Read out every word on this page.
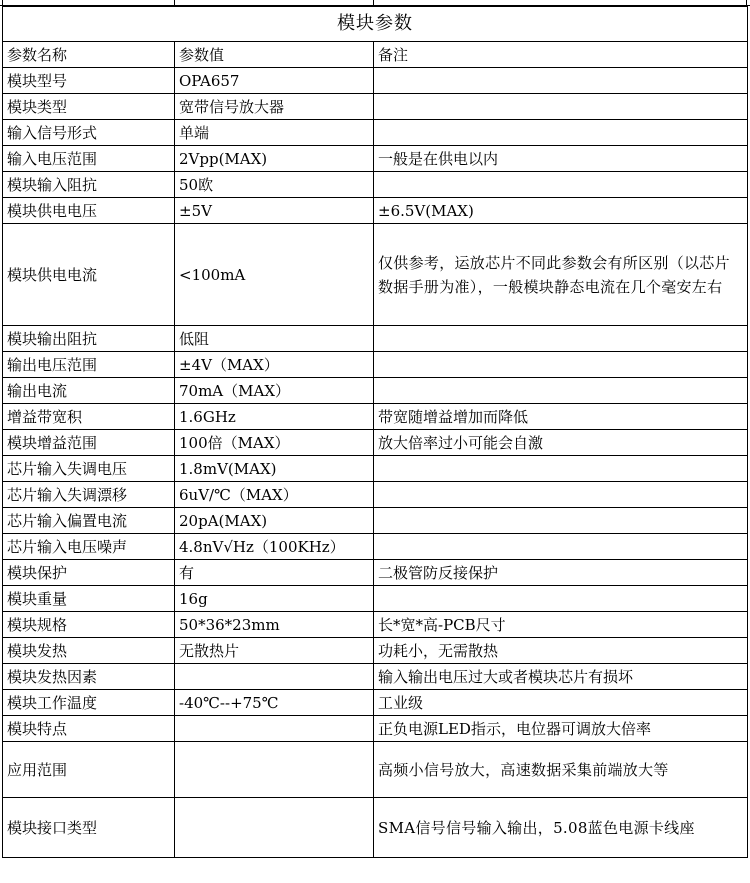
模块参数		
参数名称	参数值	备注
模块型号	OPA657	
模块类型	宽带信号放大器	
输入信号形式	单端	
输入电压范围	2Vpp(MAX)	一般是在供电以内
模块输入阻抗	50欧	
模块供电电压	±5V	±6.5V(MAX)
模块供电电流	<100mA	仅供参考，运放芯片不同此参数会有所区别（以芯片数据手册为准），一般模块静态电流在几个毫安左右
模块输出阻抗	低阻	
输出电压范围	±4V（MAX）	
输出电流	70mA（MAX）	
增益带宽积	1.6GHz	带宽随增益增加而降低
模块增益范围	100倍（MAX）	放大倍率过小可能会自激
芯片输入失调电压	1.8mV(MAX)	
芯片输入失调漂移	6uV/℃（MAX）	
芯片输入偏置电流	20pA(MAX)	
芯片输入电压噪声	4.8nV√Hz（100KHz）	
模块保护	有	二极管防反接保护
模块重量	16g	
模块规格	50*36*23mm	长*宽*高-PCB尺寸
模块发热	无散热片	功耗小，无需散热
模块发热因素		输入输出电压过大或者模块芯片有损坏
模块工作温度	-40℃--+75℃	工业级
模块特点		正负电源LED指示，电位器可调放大倍率
应用范围		高频小信号放大，高速数据采集前端放大等
模块接口类型		SMA信号信号输入输出，5.08蓝色电源卡线座
